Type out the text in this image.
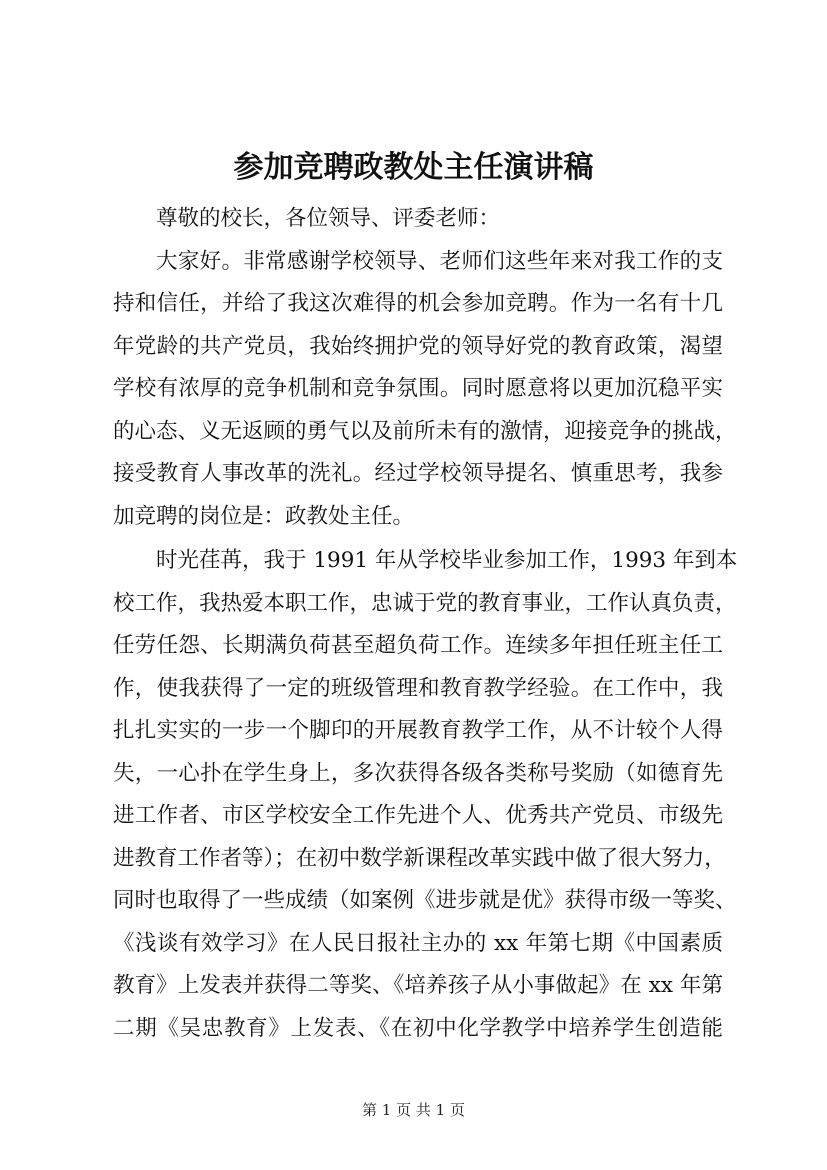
参加竞聘政教处主任演讲稿
尊敬的校长，各位领导、评委老师：
大家好。非常感谢学校领导、老师们这些年来对我工作的支
持和信任，并给了我这次难得的机会参加竞聘。作为一名有十几
年党龄的共产党员，我始终拥护党的领导好党的教育政策，渴望
学校有浓厚的竞争机制和竞争氛围。同时愿意将以更加沉稳平实
的心态、义无返顾的勇气以及前所未有的激情，迎接竞争的挑战，
接受教育人事改革的洗礼。经过学校领导提名、慎重思考，我参
加竞聘的岗位是：政教处主任。
时光荏苒，我于 1991 年从学校毕业参加工作，1993 年到本
校工作，我热爱本职工作，忠诚于党的教育事业，工作认真负责，
任劳任怨、长期满负荷甚至超负荷工作。连续多年担任班主任工
作，使我获得了一定的班级管理和教育教学经验。在工作中，我
扎扎实实的一步一个脚印的开展教育教学工作，从不计较个人得
失，一心扑在学生身上，多次获得各级各类称号奖励（如德育先
进工作者、市区学校安全工作先进个人、优秀共产党员、市级先
进教育工作者等）；在初中数学新课程改革实践中做了很大努力，
同时也取得了一些成绩（如案例《进步就是优》获得市级一等奖、
《浅谈有效学习》在人民日报社主办的 xx 年第七期《中国素质
教育》上发表并获得二等奖、《培养孩子从小事做起》在 xx 年第
二期《吴忠教育》上发表、《在初中化学教学中培养学生创造能
第 1 页 共 1 页
